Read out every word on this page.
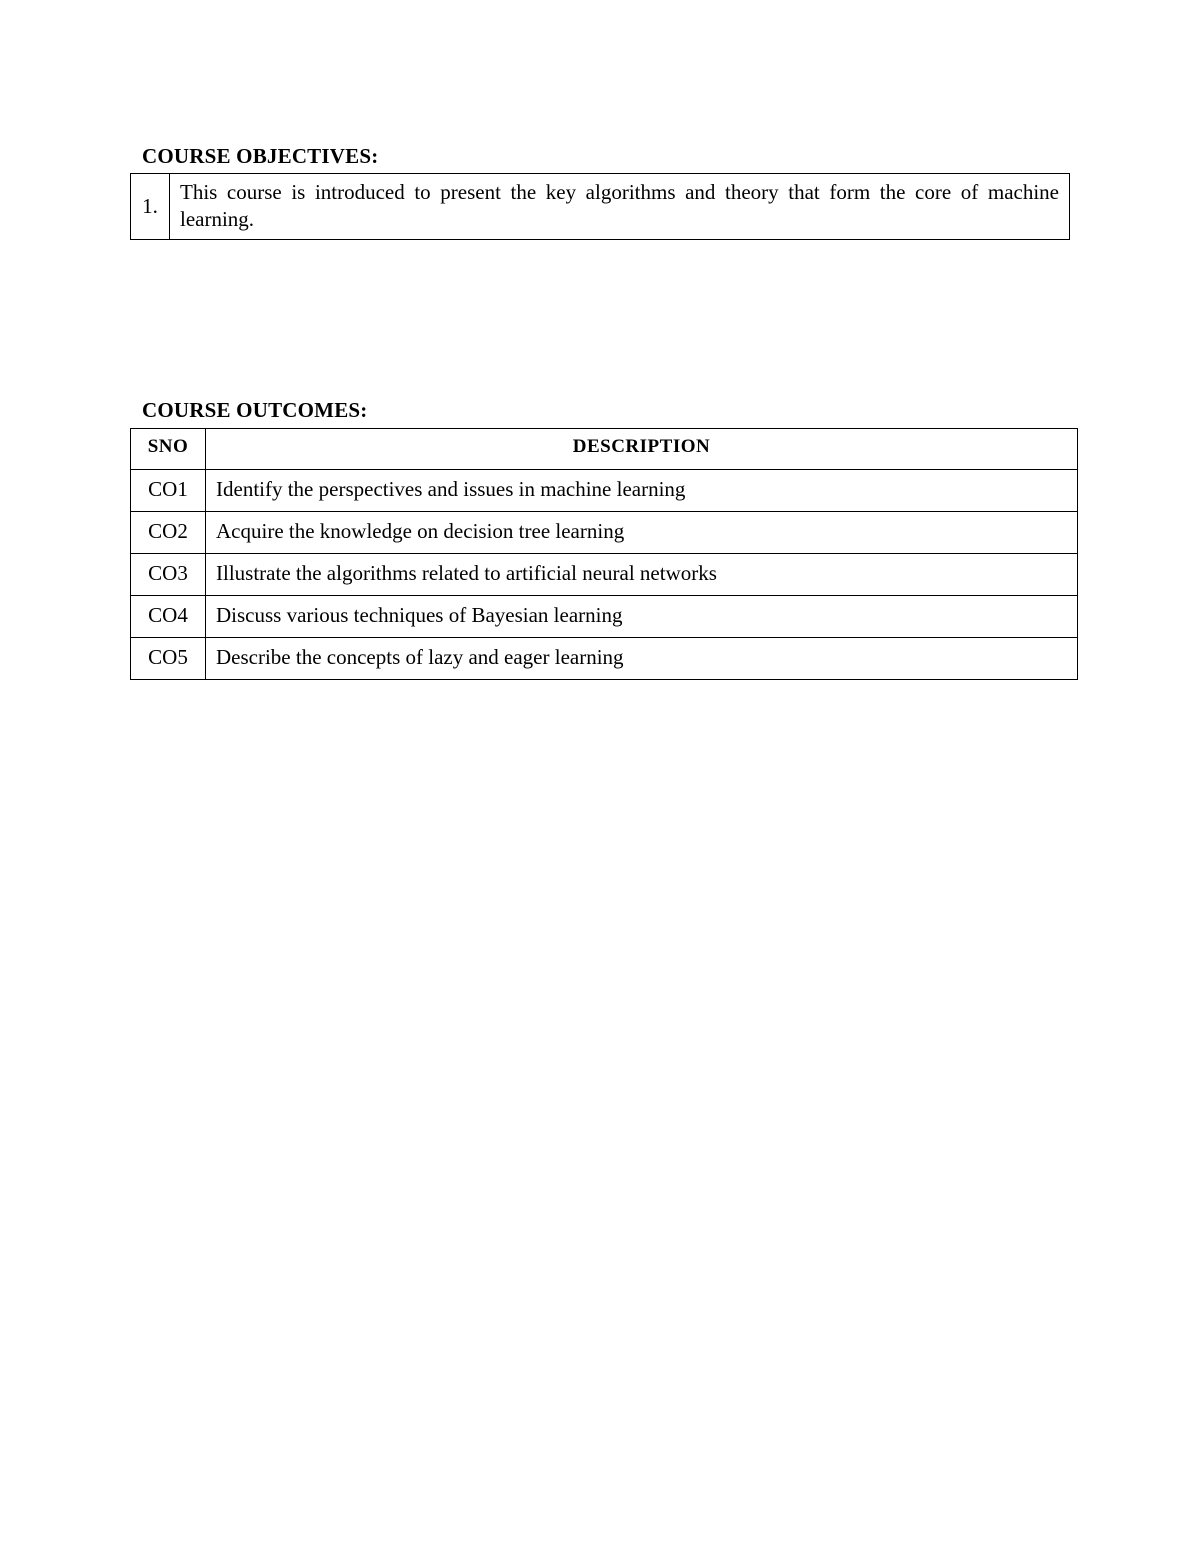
COURSE OBJECTIVES:
1.	This course is introduced to present the key algorithms and theory that form the core of machine learning.
COURSE OUTCOMES:
SNO	DESCRIPTION
CO1	Identify the perspectives and issues in machine learning
CO2	Acquire the knowledge on decision tree learning
CO3	Illustrate the algorithms related to artificial neural networks
CO4	Discuss various techniques of Bayesian learning
CO5	Describe the concepts of lazy and eager learning
